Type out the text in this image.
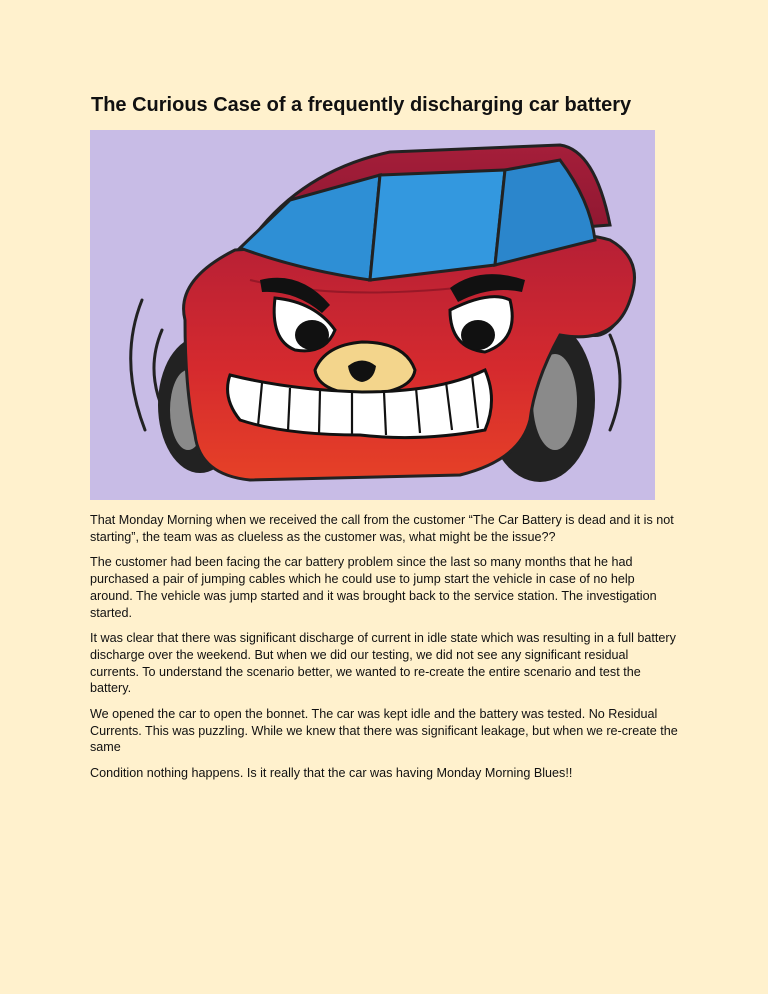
The Curious Case of a frequently discharging car battery

That Monday Morning when we received the call from the customer “The Car Battery is dead and it is not starting”, the team was as clueless as the customer was, what might be the issue??

The customer had been facing the car battery problem since the last so many months that he had purchased a pair of jumping cables which he could use to jump start the vehicle in case of no help around. The vehicle was jump started and it was brought back to the service station. The investigation started.

It was clear that there was significant discharge of current in idle state which was resulting in a full battery discharge over the weekend. But when we did our testing, we did not see any significant residual currents. To understand the scenario better, we wanted to re-create the entire scenario and test the battery.

We opened the car to open the bonnet. The car was kept idle and the battery was tested. No Residual Currents. This was puzzling. While we knew that there was significant leakage, but when we re-create the same

Condition nothing happens. Is it really that the car was having Monday Morning Blues!!
